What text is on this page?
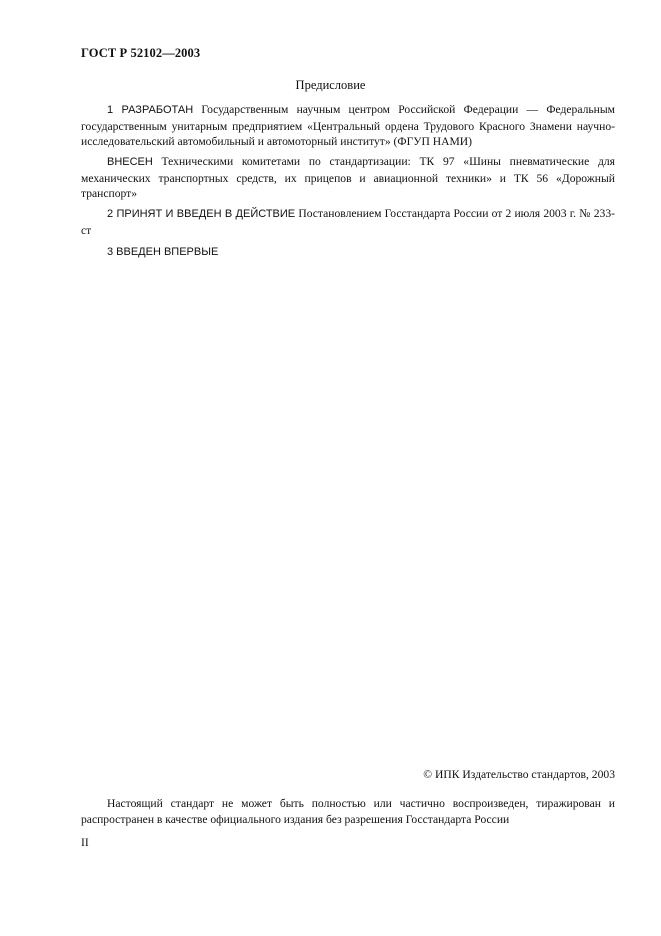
ГОСТ Р 52102—2003
Предисловие
1 РАЗРАБОТАН Государственным научным центром Российской Федерации — Федеральным государственным унитарным предприятием «Центральный ордена Трудового Красного Знамени научно-исследовательский автомобильный и автомоторный институт» (ФГУП НАМИ)
ВНЕСЕН Техническими комитетами по стандартизации: ТК 97 «Шины пневматические для механических транспортных средств, их прицепов и авиационной техники» и ТК 56 «Дорожный транспорт»
2 ПРИНЯТ И ВВЕДЕН В ДЕЙСТВИЕ Постановлением Госстандарта России от 2 июля 2003 г. № 233-ст
3 ВВЕДЕН ВПЕРВЫЕ
© ИПК Издательство стандартов, 2003
Настоящий стандарт не может быть полностью или частично воспроизведен, тиражирован и распространен в качестве официального издания без разрешения Госстандарта России
II
